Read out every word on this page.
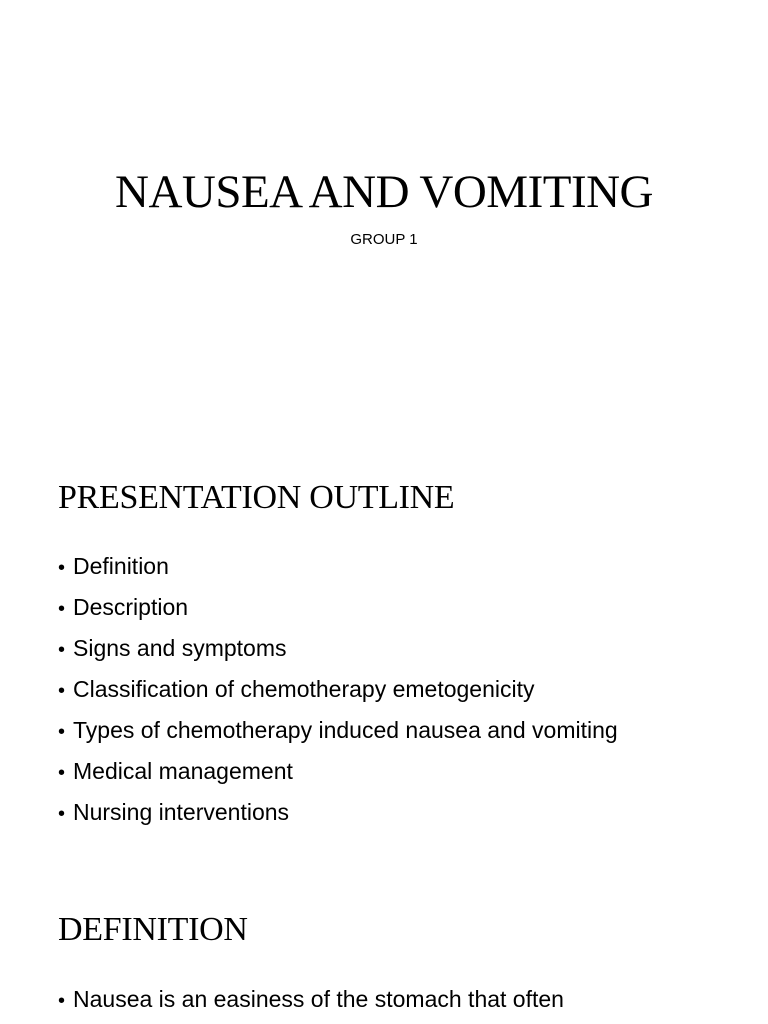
NAUSEA AND VOMITING

GROUP 1

PRESENTATION OUTLINE
• Definition
• Description
• Signs and symptoms
• Classification of chemotherapy emetogenicity
• Types of chemotherapy induced nausea and vomiting
• Medical management
• Nursing interventions
DEFINITION
• Nausea is an easiness of the stomach that often
